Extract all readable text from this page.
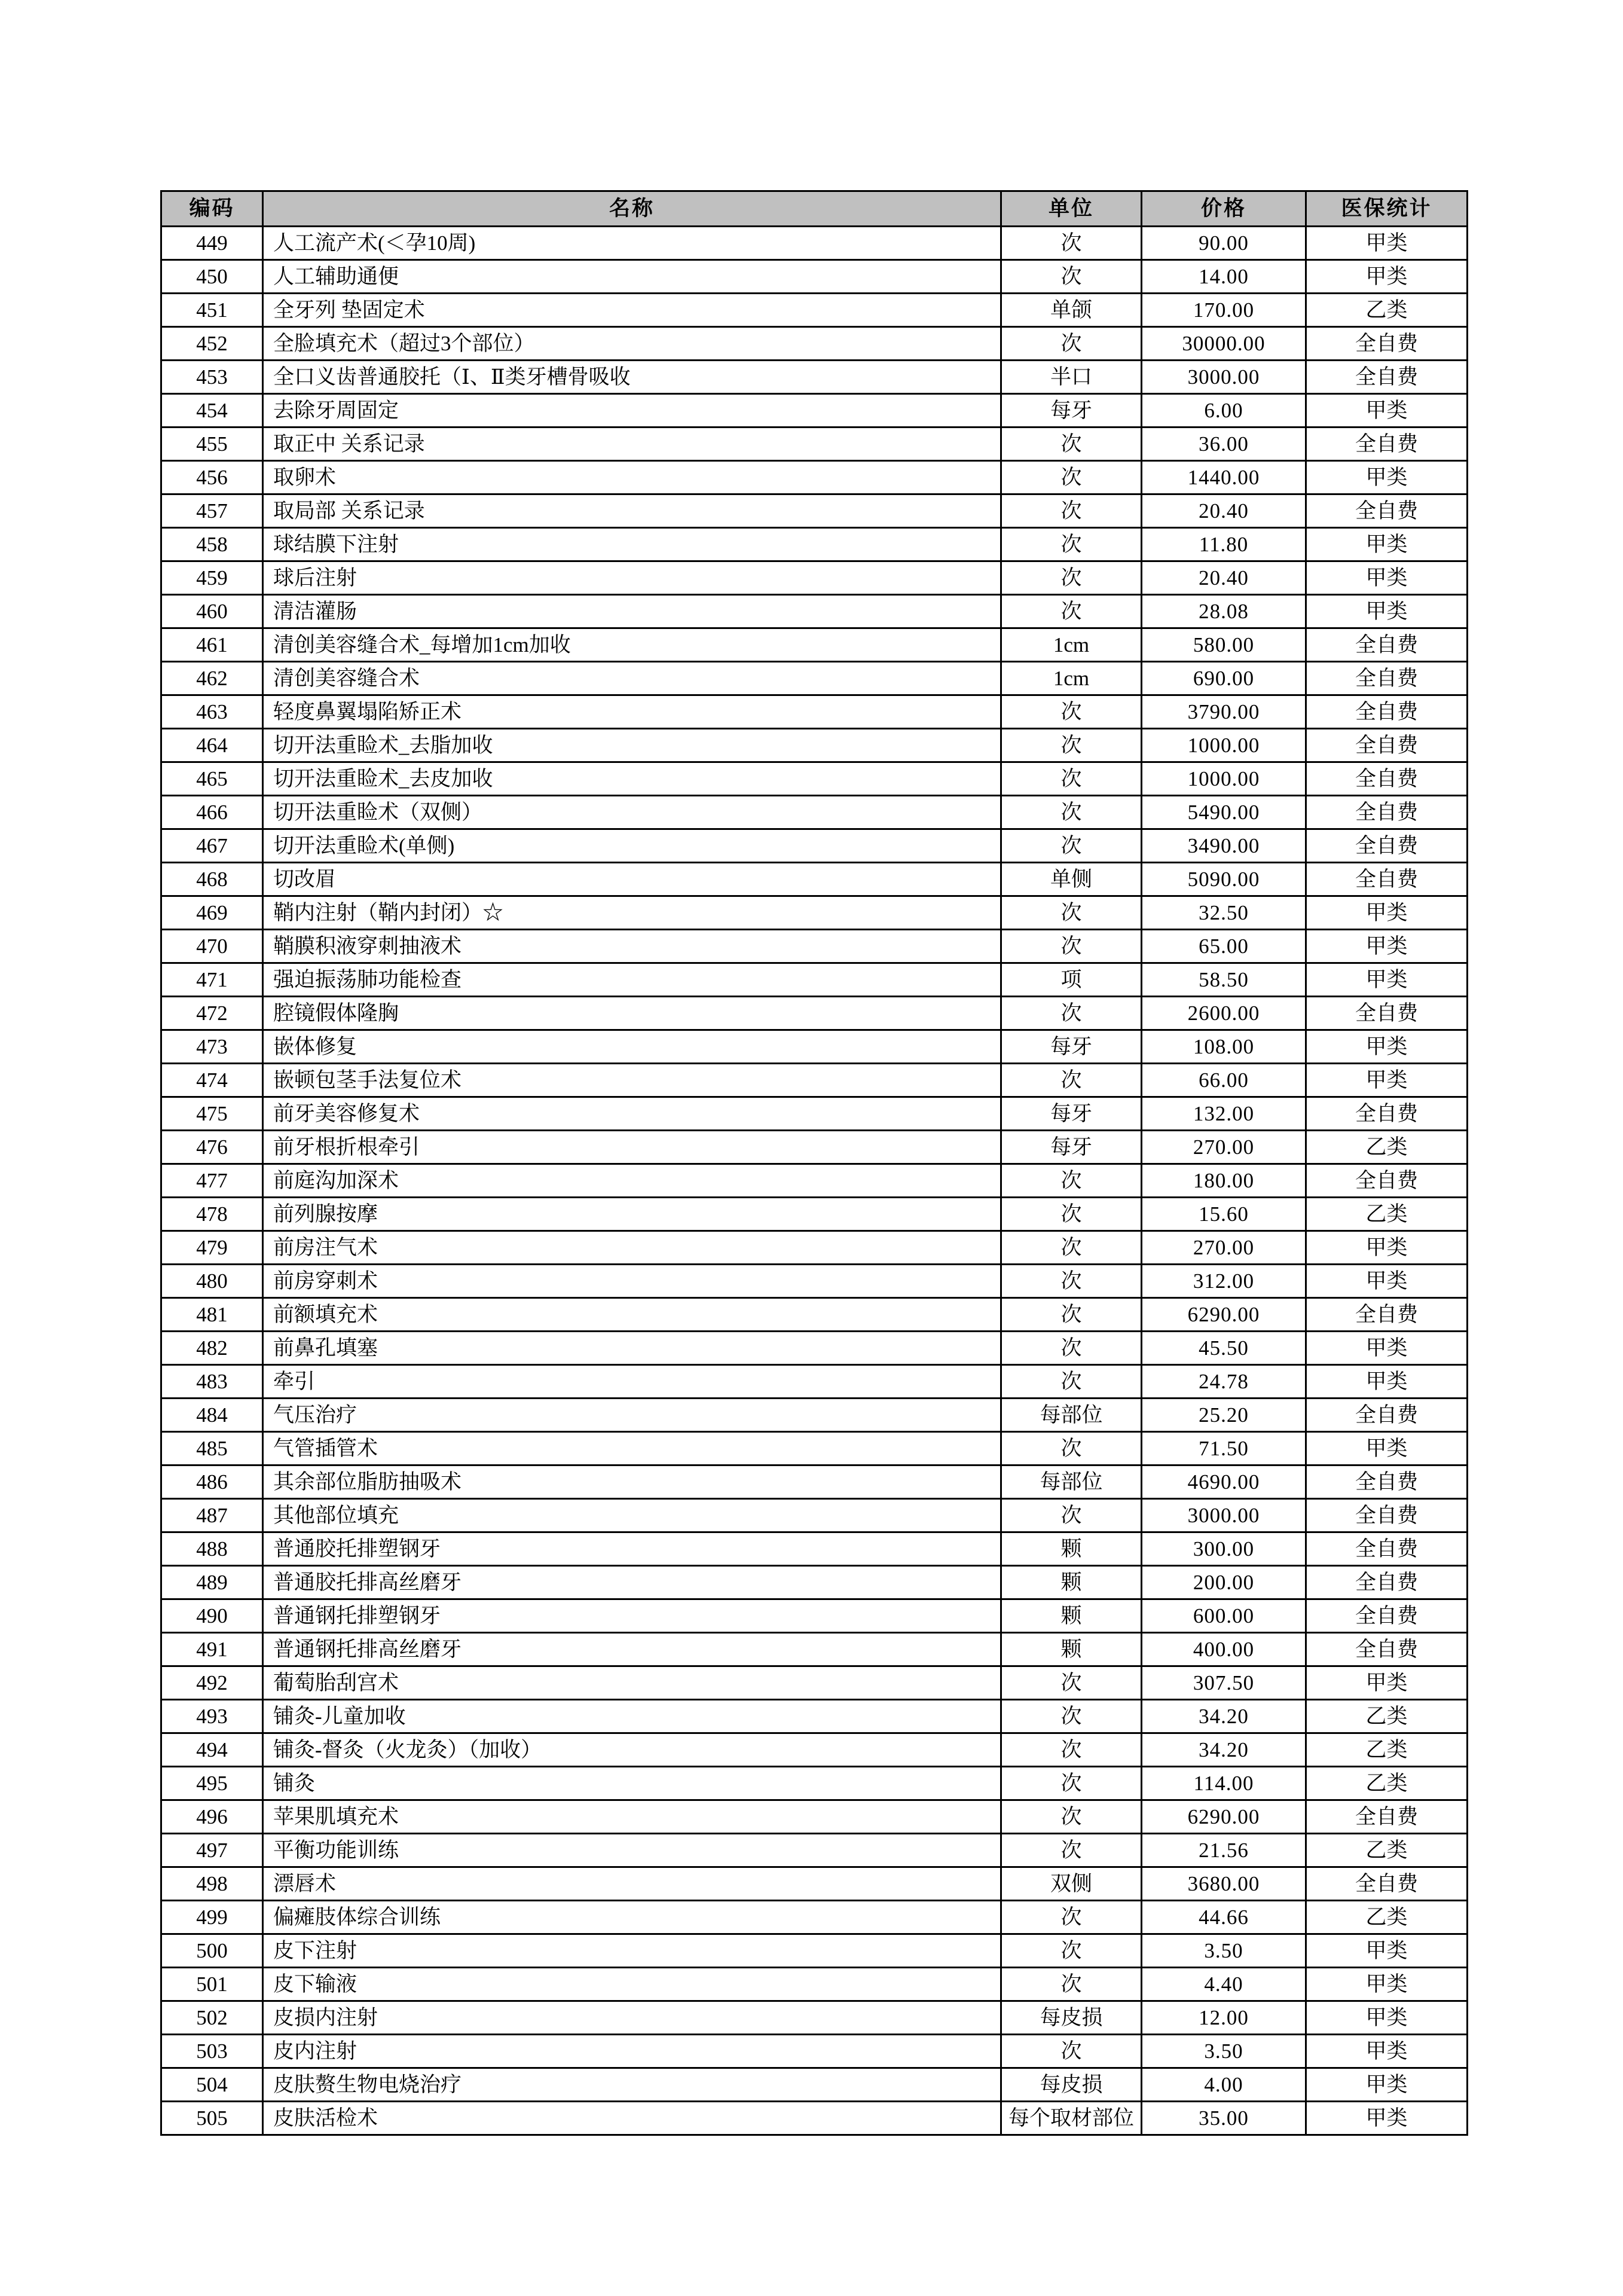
编码	名称	单位	价格	医保统计
449	人工流产术(＜孕10周)	次	90.00	甲类
450	人工辅助通便	次	14.00	甲类
451	全牙列 垫固定术	单颌	170.00	乙类
452	全脸填充术（超过3个部位）	次	30000.00	全自费
453	全口义齿普通胶托（Ⅰ、Ⅱ类牙槽骨吸收	半口	3000.00	全自费
454	去除牙周固定	每牙	6.00	甲类
455	取正中 关系记录	次	36.00	全自费
456	取卵术	次	1440.00	甲类
457	取局部 关系记录	次	20.40	全自费
458	球结膜下注射	次	11.80	甲类
459	球后注射	次	20.40	甲类
460	清洁灌肠	次	28.08	甲类
461	清创美容缝合术_每增加1cm加收	1cm	580.00	全自费
462	清创美容缝合术	1cm	690.00	全自费
463	轻度鼻翼塌陷矫正术	次	3790.00	全自费
464	切开法重睑术_去脂加收	次	1000.00	全自费
465	切开法重睑术_去皮加收	次	1000.00	全自费
466	切开法重睑术（双侧）	次	5490.00	全自费
467	切开法重睑术(单侧)	次	3490.00	全自费
468	切改眉	单侧	5090.00	全自费
469	鞘内注射（鞘内封闭）☆	次	32.50	甲类
470	鞘膜积液穿刺抽液术	次	65.00	甲类
471	强迫振荡肺功能检查	项	58.50	甲类
472	腔镜假体隆胸	次	2600.00	全自费
473	嵌体修复	每牙	108.00	甲类
474	嵌顿包茎手法复位术	次	66.00	甲类
475	前牙美容修复术	每牙	132.00	全自费
476	前牙根折根牵引	每牙	270.00	乙类
477	前庭沟加深术	次	180.00	全自费
478	前列腺按摩	次	15.60	乙类
479	前房注气术	次	270.00	甲类
480	前房穿刺术	次	312.00	甲类
481	前额填充术	次	6290.00	全自费
482	前鼻孔填塞	次	45.50	甲类
483	牵引	次	24.78	甲类
484	气压治疗	每部位	25.20	全自费
485	气管插管术	次	71.50	甲类
486	其余部位脂肪抽吸术	每部位	4690.00	全自费
487	其他部位填充	次	3000.00	全自费
488	普通胶托排塑钢牙	颗	300.00	全自费
489	普通胶托排高丝磨牙	颗	200.00	全自费
490	普通钢托排塑钢牙	颗	600.00	全自费
491	普通钢托排高丝磨牙	颗	400.00	全自费
492	葡萄胎刮宫术	次	307.50	甲类
493	铺灸-儿童加收	次	34.20	乙类
494	铺灸-督灸（火龙灸）（加收）	次	34.20	乙类
495	铺灸	次	114.00	乙类
496	苹果肌填充术	次	6290.00	全自费
497	平衡功能训练	次	21.56	乙类
498	漂唇术	双侧	3680.00	全自费
499	偏瘫肢体综合训练	次	44.66	乙类
500	皮下注射	次	3.50	甲类
501	皮下输液	次	4.40	甲类
502	皮损内注射	每皮损	12.00	甲类
503	皮内注射	次	3.50	甲类
504	皮肤赘生物电烧治疗	每皮损	4.00	甲类
505	皮肤活检术	每个取材部位	35.00	甲类
